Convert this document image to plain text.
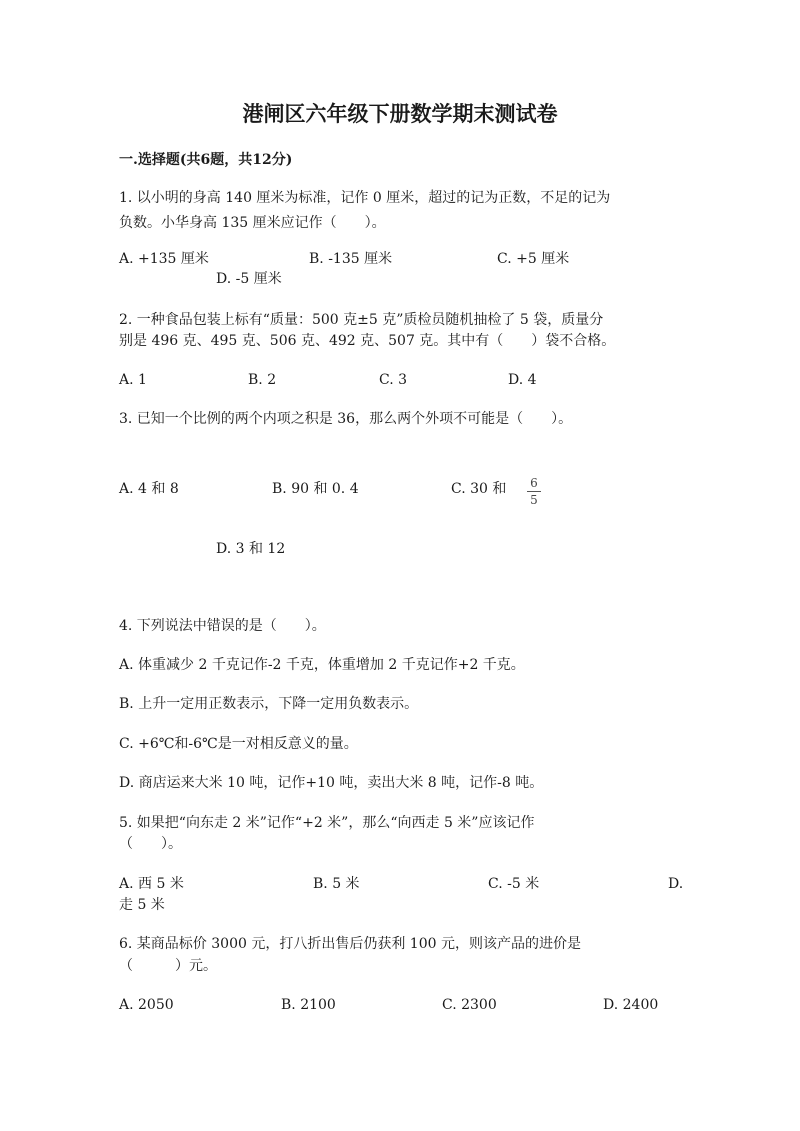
港闸区六年级下册数学期末测试卷
一.选择题(共6题，共12分)
1. 以小明的身高 140 厘米为标准，记作 0 厘米，超过的记为正数，不足的记为
负数。小华身高 135 厘米应记作（　　）。
A. +135 厘米	B. -135 厘米	C. +5 厘米
D. -5 厘米
2. 一种食品包装上标有“质量：500 克±5 克”质检员随机抽检了 5 袋，质量分
别是 496 克、495 克、506 克、492 克、507 克。其中有（　　）袋不合格。
A. 1	B. 2	C. 3	D. 4
3. 已知一个比例的两个内项之积是 36，那么两个外项不可能是（　　）。
A. 4 和 8	B. 90 和 0. 4	C. 30 和	6
5
D. 3 和 12
4. 下列说法中错误的是（　　）。
A. 体重减少 2 千克记作-2 千克，体重增加 2 千克记作+2 千克。
B. 上升一定用正数表示，下降一定用负数表示。
C. +6℃和-6℃是一对相反意义的量。
D. 商店运来大米 10 吨，记作+10 吨，卖出大米 8 吨，记作-8 吨。
5. 如果把“向东走 2 米”记作“+2 米”，那么“向西走 5 米”应该记作
（　　）。
A. 西 5 米	B. 5 米	C. -5 米	D.
走 5 米
6. 某商品标价 3000 元，打八折出售后仍获利 100 元，则该产品的进价是
（　　　）元。
A. 2050	B. 2100	C. 2300	D. 2400
